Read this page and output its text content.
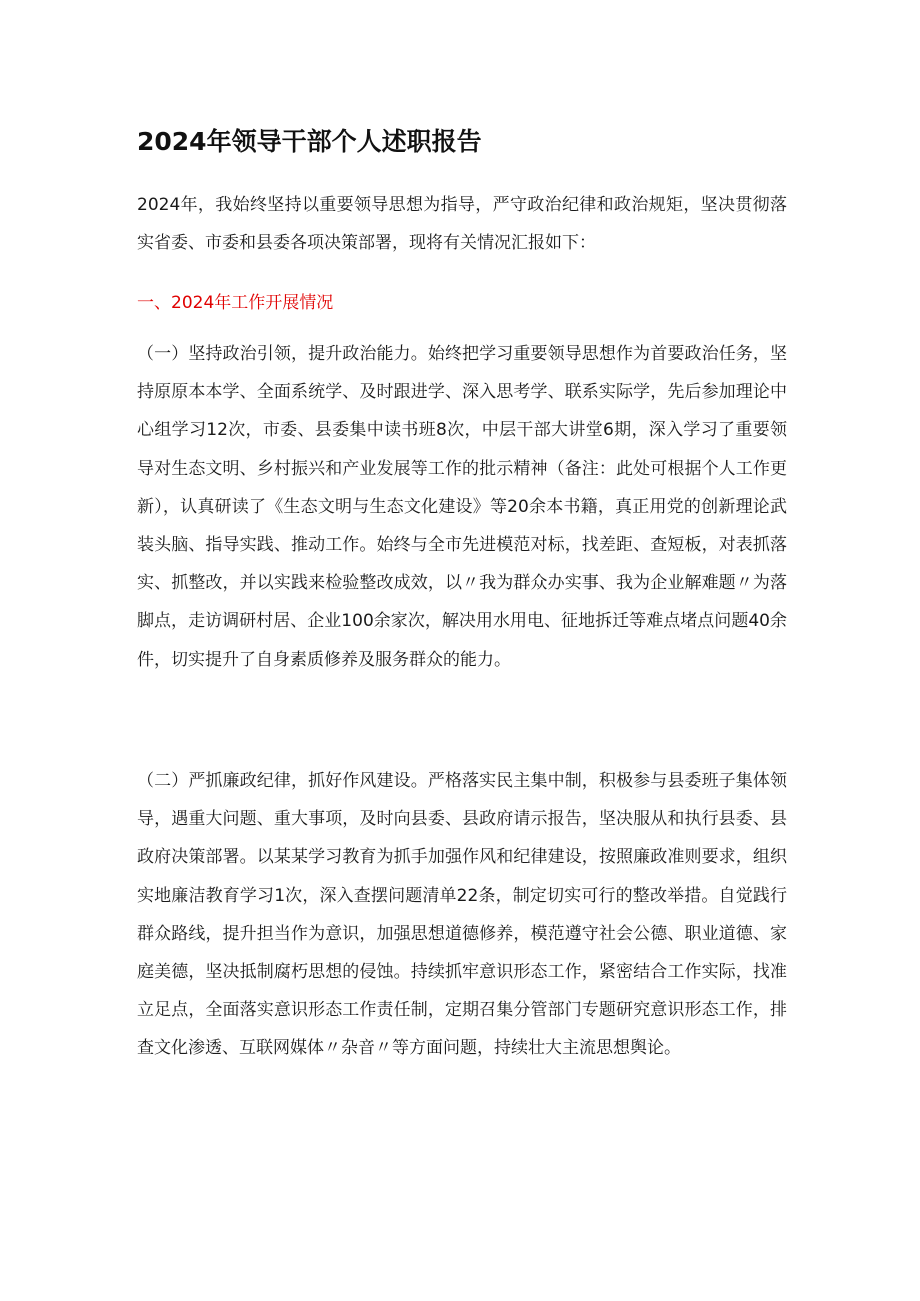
2024年领导干部个人述职报告

2024年，我始终坚持以重要领导思想为指导，严守政治纪律和政治规矩，坚决贯彻落实省委、市委和县委各项决策部署，现将有关情况汇报如下：

一、2024年工作开展情况

（一）坚持政治引领，提升政治能力。始终把学习重要领导思想作为首要政治任务，坚持原原本本学、全面系统学、及时跟进学、深入思考学、联系实际学，先后参加理论中心组学习12次，市委、县委集中读书班8次，中层干部大讲堂6期，深入学习了重要领导对生态文明、乡村振兴和产业发展等工作的批示精神（备注：此处可根据个人工作更新），认真研读了《生态文明与生态文化建设》等20余本书籍，真正用党的创新理论武装头脑、指导实践、推动工作。始终与全市先进模范对标，找差距、查短板，对表抓落实、抓整改，并以实践来检验整改成效，以〃我为群众办实事、我为企业解难题〃为落脚点，走访调研村居、企业100余家次，解决用水用电、征地拆迁等难点堵点问题40余件，切实提升了自身素质修养及服务群众的能力。

（二）严抓廉政纪律，抓好作风建设。严格落实民主集中制，积极参与县委班子集体领导，遇重大问题、重大事项，及时向县委、县政府请示报告，坚决服从和执行县委、县政府决策部署。以某某学习教育为抓手加强作风和纪律建设，按照廉政准则要求，组织实地廉洁教育学习1次，深入查摆问题清单22条，制定切实可行的整改举措。自觉践行群众路线，提升担当作为意识，加强思想道德修养，模范遵守社会公德、职业道德、家庭美德，坚决抵制腐朽思想的侵蚀。持续抓牢意识形态工作，紧密结合工作实际，找准立足点，全面落实意识形态工作责任制，定期召集分管部门专题研究意识形态工作，排查文化渗透、互联网媒体〃杂音〃等方面问题，持续壮大主流思想舆论。
